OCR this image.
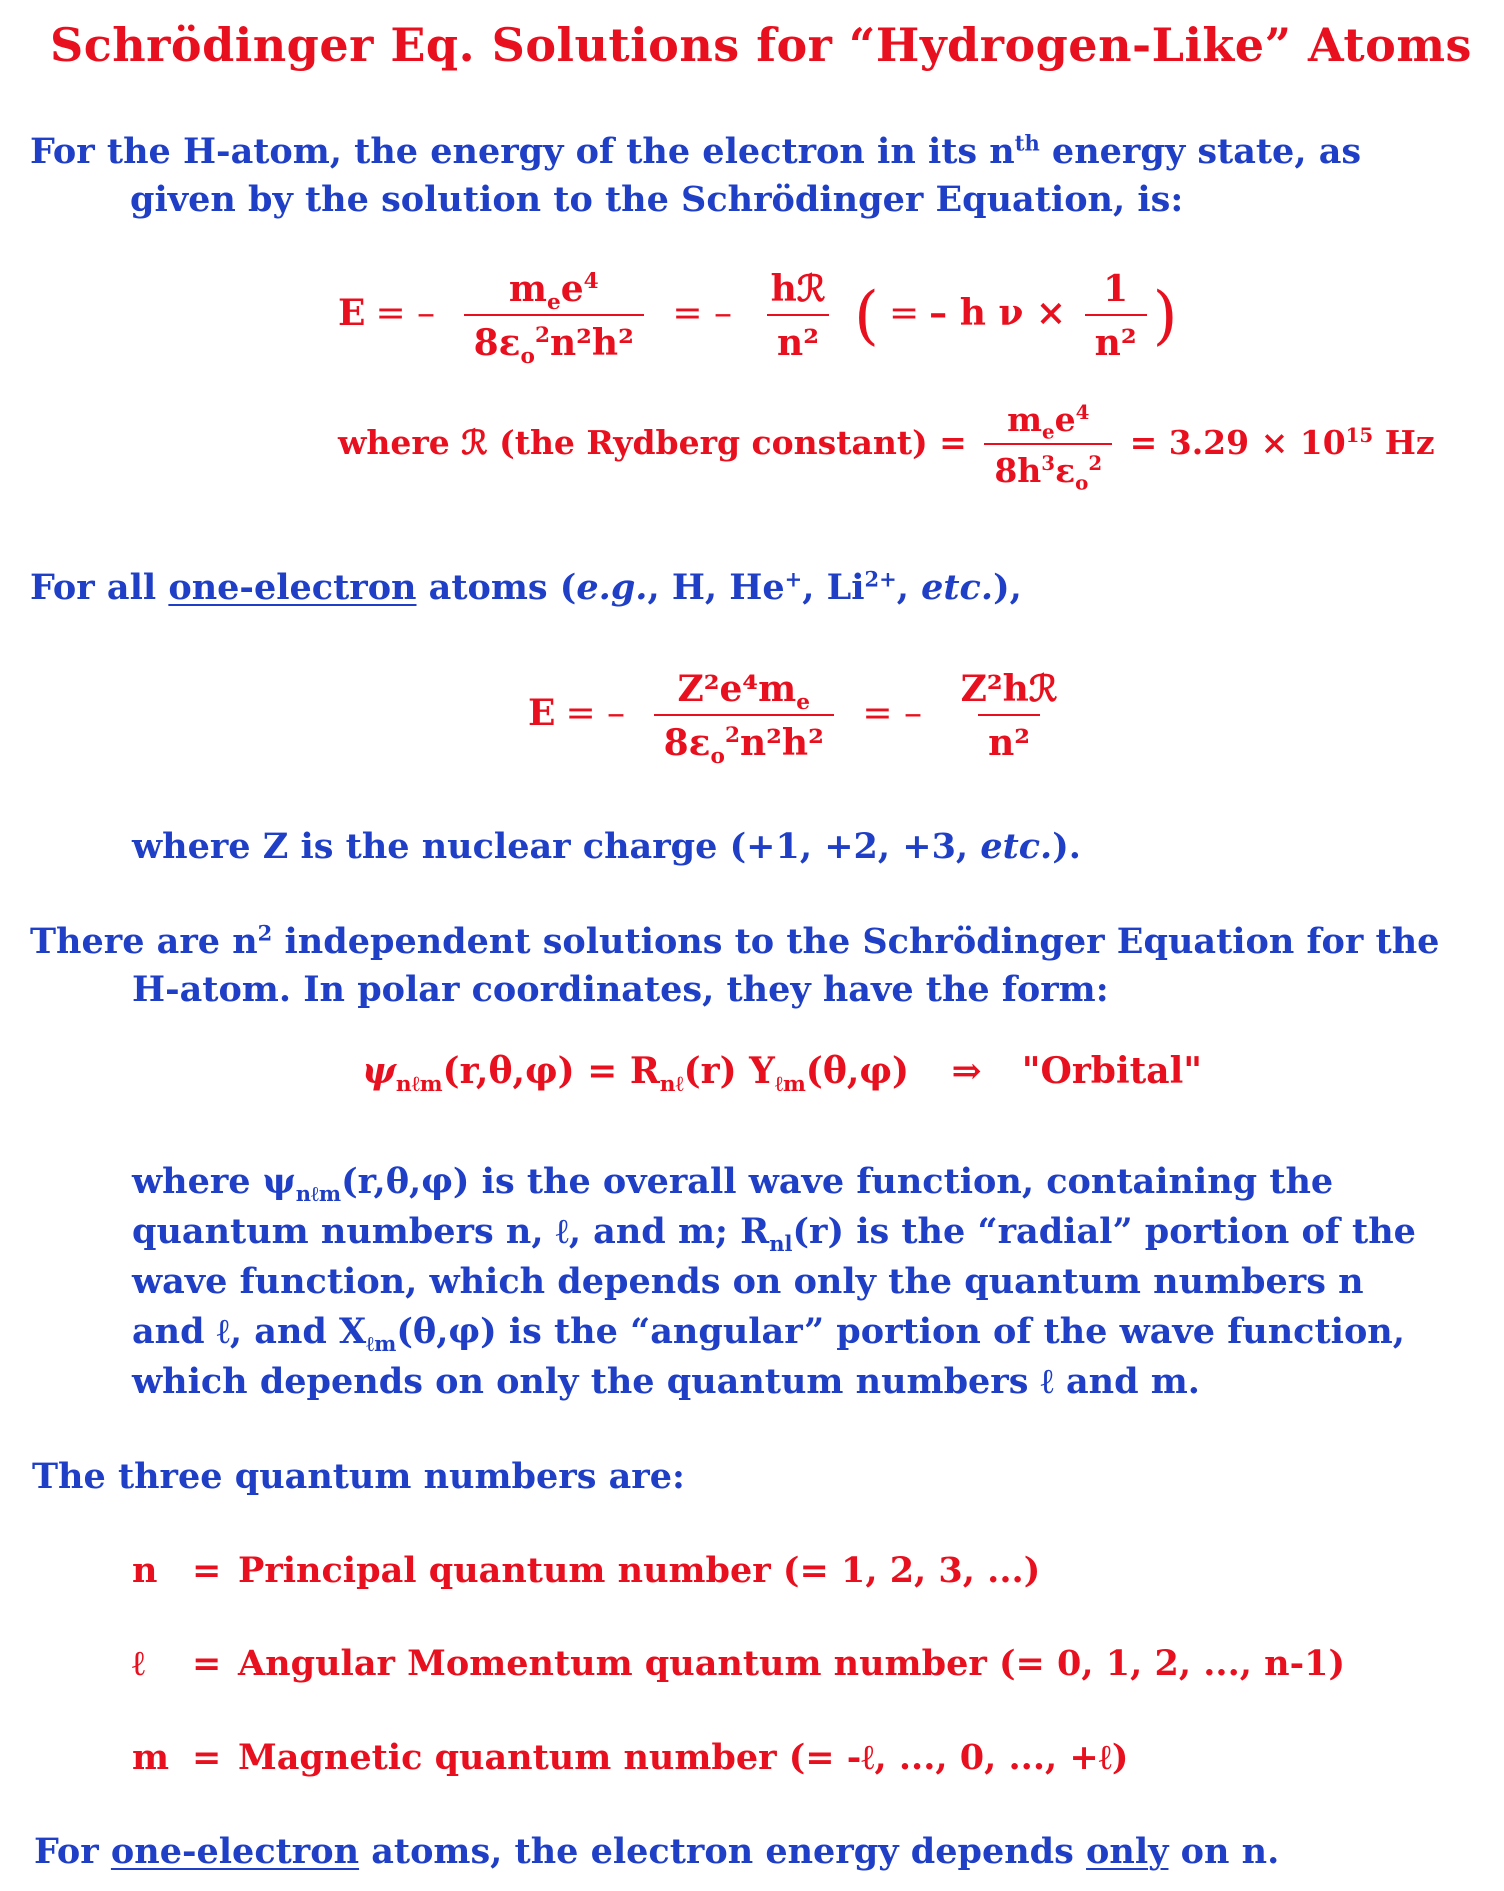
Schrödinger Eq. Solutions for “Hydrogen-Like” Atoms
For the H-atom, the energy of the electron in its $n^{th}$ energy state, as
given by the solution to the Schrödinger Equation, is:
E = – $\frac{m_ee^4}{8\varepsilon_o^2n^2h^2}$ = – $\frac{\text{hℛ}}{\text{n²}}$ ( = – h $\nu \times \frac{1}{\text{n²}}$ )
where ℛ (the Rydberg constant) = $\frac{m_ee^4}{8h^3\varepsilon_o^2} = 3.29 \times 10^{15}$ Hz
For all one-electron atoms (e.g., H, He+, $Li^{2+}$, etc.),
E = – $\frac{Z^2e^4m_e}{8\varepsilon_o^2n^2h^2}$ = – $\frac{\text{Z²hℛ}}{\text{n²}}$
where Z is the nuclear charge (+1, +2, +3, etc.).
There are $n^2$ independent solutions to the Schrödinger Equation for the
H-atom. In polar coordinates, they have the form:
$\psi_{n\ell m}(r,\theta,\varphi) = R_{n\ell}(r)$ $Y_{\ell m}(\theta,\varphi)$ ⇒ "Orbital"
where $\psi_{n\ell m}(r,\theta,\varphi)$ is the overall wave function, containing the
quantum numbers n, ℓ, and m; $R_{nl}(r)$ is the “radial” portion of the
wave function, which depends on only the quantum numbers n
and ℓ, and $X_{\ell m}(\theta,\varphi)$ is the “angular” portion of the wave function,
which depends on only the quantum numbers ℓ and m.
The three quantum numbers are:
n = Principal quantum number (= 1, 2, 3, ...)
ℓ = Angular Momentum quantum number (= 0, 1, 2, ..., n-1)
m = Magnetic quantum number (= -ℓ, ..., 0, ..., +ℓ)
For one-electron atoms, the electron energy depends only on n.
